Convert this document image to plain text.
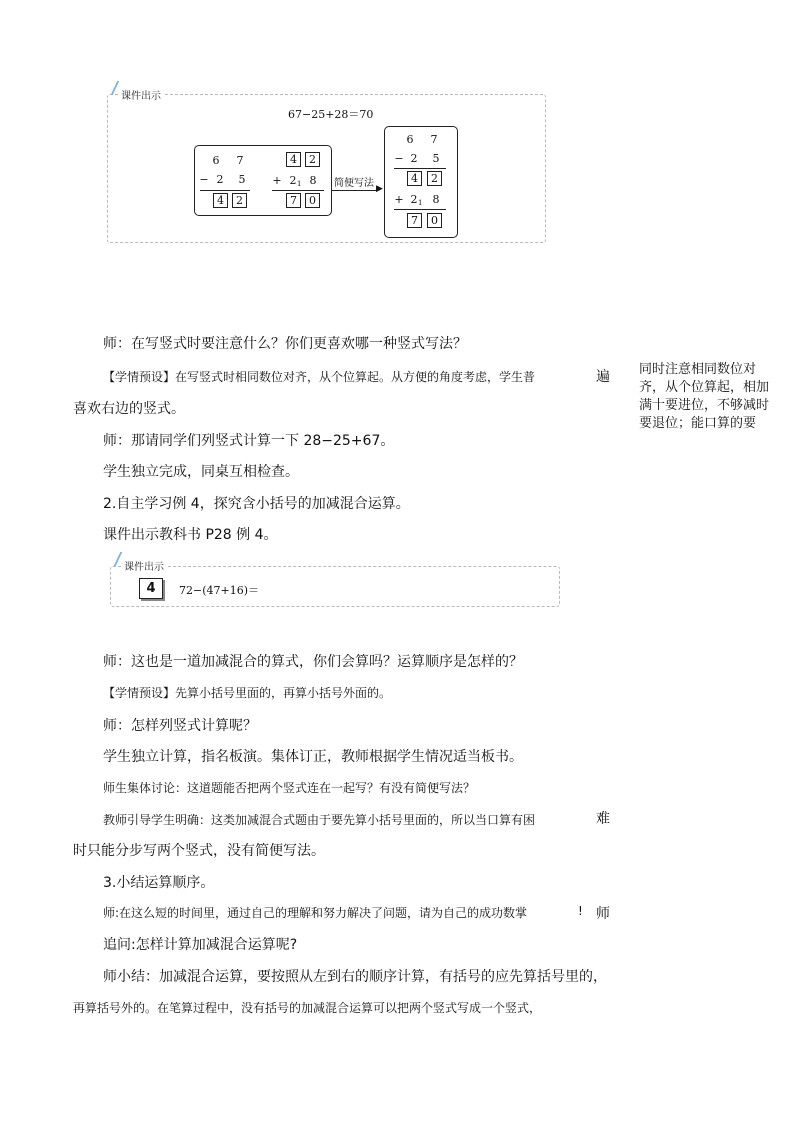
课件出示
67−25+28＝70
6 7
− 2 5
4	2
4	2
+ 2 1 8
7	0
简便写法 ▶
6 7
− 2 5
4	2
+ 2 1 8
7	0
师：在写竖式时要注意什么？你们更喜欢哪一种竖式写法？
【学情预设】在写竖式时相同数位对齐，从个位算起。从方便的角度考虑，学生普	遍
喜欢右边的竖式。
同时注意相同数位对齐，从个位算起，相加满十要进位，不够减时要退位；能口算的要
师：那请同学们列竖式计算一下 28−25+67。
学生独立完成，同桌互相检查。
2.自主学习例 4，探究含小括号的加减混合运算。
课件出示教科书 P28 例 4。
课件出示
4	72−(47+16)＝
师：这也是一道加减混合的算式，你们会算吗？运算顺序是怎样的？
【学情预设】先算小括号里面的，再算小括号外面的。
师：怎样列竖式计算呢？
学生独立计算，指名板演。集体订正，教师根据学生情况适当板书。
师生集体讨论：这道题能否把两个竖式连在一起写？有没有简便写法？
教师引导学生明确：这类加减混合式题由于要先算小括号里面的，所以当口算有困	难
时只能分步写两个竖式，没有简便写法。
3.小结运算顺序。
师:在这么短的时间里，通过自己的理解和努力解决了问题，请为自己的成功数掌	! 师
追问:怎样计算加减混合运算呢?
师小结：加减混合运算，要按照从左到右的顺序计算，有括号的应先算括号里的，
再算括号外的。在笔算过程中，没有括号的加减混合运算可以把两个竖式写成一个竖式，
